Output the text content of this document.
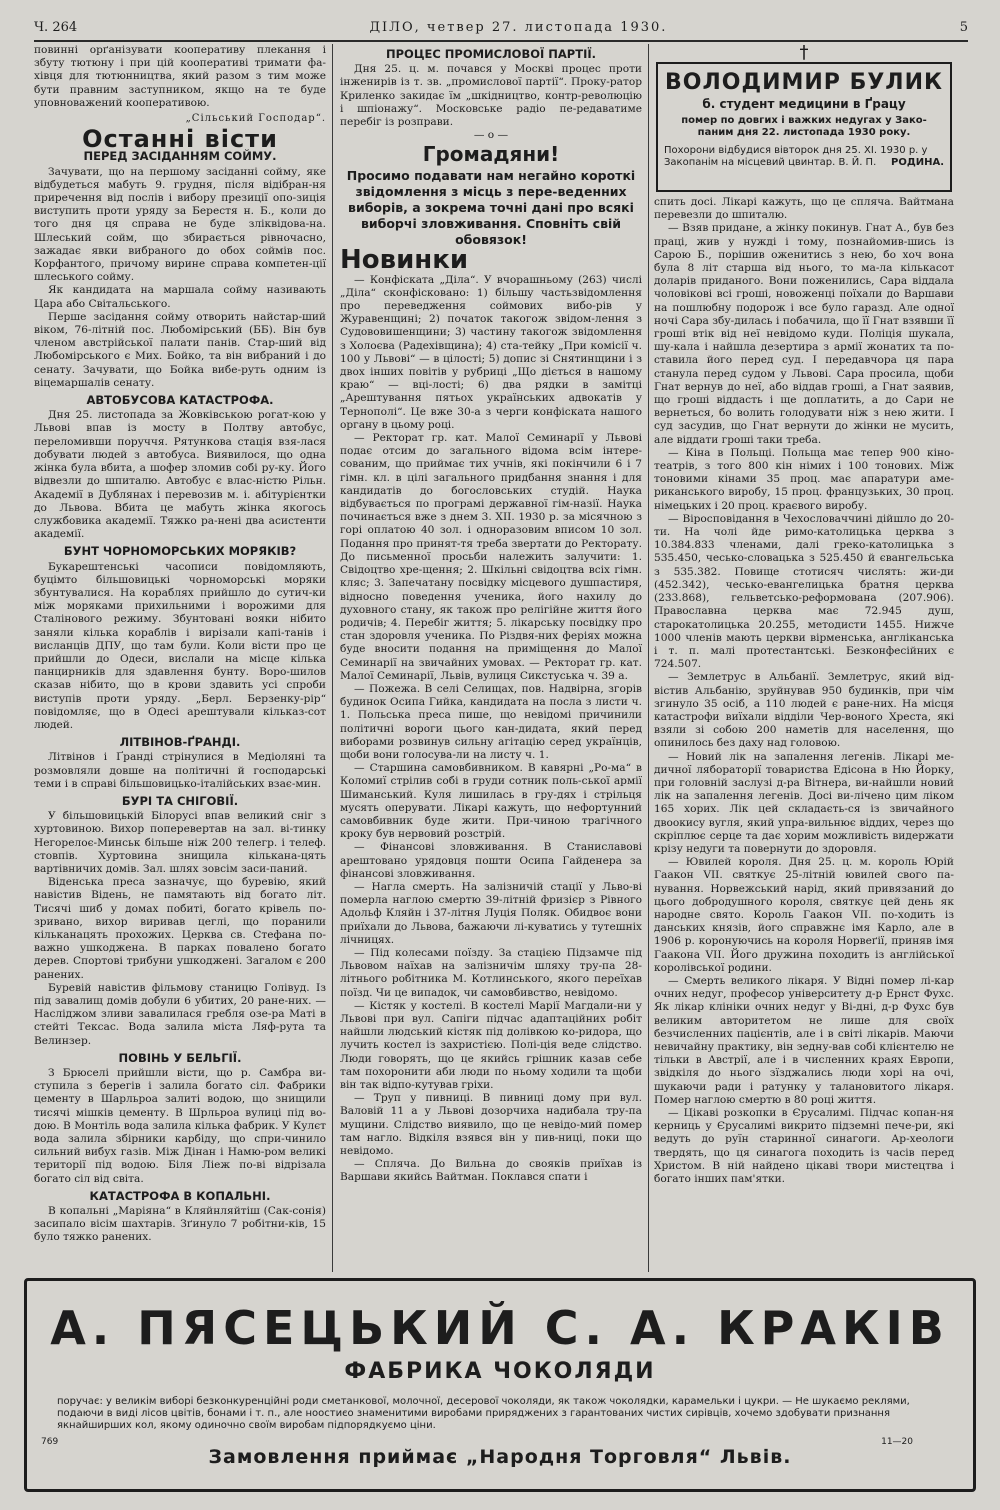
Ч. 264	ДІЛО, четвер 27. листопада 1930.	5

повинні орґанізувати кооперативу плекання і збуту тютюну і при цій кооперативі тримати фа-хівця для тютюнництва, який разом з тим може бути правним заступником, якщо на те буде уповноважений кооперативою.

„Сільський Господар“.
Останні вісти
ПЕРЕД ЗАСІДАННЯМ СОЙМУ.

Зачувати, що на першому засіданні сойму, яке відбудеться мабуть 9. грудня, після відібран-ня приречення від послів і вибору презиції опо-зиція виступить проти уряду за Берестя н. Б., коли до того дня ця справа не буде зліквідова-на. Шлеський сойм, що збирається рівночасно, зажадає явки вибраного до обох соймів пос. Корфантого, причому вирине справа компетен-ції шлеського сойму.

Як кандидата на маршала сойму називають Цара або Світальського.

Перше засідання сойму отворить найстар-ший віком, 76-літній пос. Любомірський (ББ). Він був членом австрійської палати панів. Стар-ший від Любомірського є Мих. Бойко, та він вибраний і до сенату. Зачувати, що Бойка вибе-руть одним із віцемаршалів сенату.

АВТОБУСОВА КАТАСТРОФА.

Дня 25. листопада за Жовківською рогат-кою у Львові впав із мосту в Полтву автобус, переломивши поруччя. Рятункова стація взя-лася добувати людей з автобуса. Виявилося, що одна жінка була вбита, а шофер зломив собі ру-ку. Його відвезли до шпиталю. Автобус є влас-ністю Рільн. Академії в Дублянах і перевозив м. і. абітурієнтки до Львова. Вбита це мабуть жінка якогось службовика академії. Тяжко ра-нені два асистенти академії.

БУНТ ЧОРНОМОРСЬКИХ МОРЯКІВ?

Букарештенські часописи повідомляють, буцімто більшовицькі чорноморські моряки збунтувалися. На кораблях прийшло до сутич-ки між моряками прихильними і ворожими для Сталінового режиму. Збунтовані вояки нібито заняли кілька кораблів і вирізали капі-танів і висланців ДПУ, що там були. Коли вісти про це прийшли до Одеси, вислали на місце кілька панцирників для здавлення бунту. Воро-шилов сказав нібито, що в крови здавить усі спроби виступів проти уряду. „Берл. Берзенку-рір“ повідомляє, що в Одесі арештували кільказ-сот людей.

ЛІТВІНОВ-ҐРАНДІ.

Літвінов і Ґранді стрінулися в Медіоляні та розмовляли довше на політичні й господарські теми і в справі більшовицько-італійських взає-мин.

БУРІ ТА СНІГОВІЇ.

У більшовицькій Білорусі впав великий сніг з хуртовиною. Вихор поперевертав на зал. ві-тинку Негорелоє-Минськ більше ніж 200 телегр. і телеф. стовпів. Хуртовина знищила кількана-цять вартівничих домів. Зал. шлях зовсім заси-паний.

Віденська преса зазначує, що буревію, який навістив Відень, не памятають від богато літ. Тисячі шиб у домах побиті, богато крівель по-зривано, вихор виривав цеглі, що поранили кільканацять прохожих. Церква св. Стефана по-важно ушкоджена. В парках повалено богато дерев. Спортові трибуни ушкоджені. Загалом є 200 ранених.

Буревій навістив фільмову станицю Голівуд. Із під завалищ домів добули 6 убитих, 20 ране-них. — Насліджом зливи завалилася гребля озе-ра Маті в стейті Тексас. Вода залила міста Ляф-рута та Велинзер.

ПОВІНЬ У БЕЛЬГІЇ.

З Брюселі прийшли вісти, що р. Самбра ви-ступила з берегів і залила богато сіл. Фабрики цементу в Шарльроа залиті водою, що знищили тисячі мішків цементу. В Шрльроа вулиці під во-дою. В Монтіль вода залила кілька фабрик. У Кулєт вода залила збірники карбіду, що спри-чинило сильний вибух газів. Між Дінан і Намю-ром великі території під водою. Біля Ліеж по-ві відрізала богато сіл від світа.

КАТАСТРОФА В КОПАЛЬНІ.

В копальні „Маріяна“ в Кляйнляйтіш (Сак-сонія) засипало вісім шахтарів. Зґинуло 7 робітни-ків, 15 було тяжко ранених.

ПРОЦЕС ПРОМИСЛОВОЇ ПАРТІЇ.

Дня 25. ц. м. почався у Москві процес проти інженирів із т. зв. „промислової партії“. Проку-ратор Криленко закидає їм „шкідництво, контр-революцію і шпіонажу“. Московське радіо пе-редаватиме перебіг із розправи.

— о —
Громадяни!
Просимо подавати нам негайно короткі звідомлення з місць з пере-веденних виборів, а зокрема точні дані про всякі виборчі зловживання. Сповніть свій обовязок!
Новинки

— Конфіската „Діла“. У вчорашньому (263) числі „Діла“ сконфісковано: 1) більшу частьзвідомлення про переведження соймових вибо-рів у Журавенщині; 2) початок такогож звідом-лення з Судововишенщини; 3) частину такогож звідомлення з Холоєва (Радехівщина); 4) ста-тейку „При комісії ч. 100 у Львові“ — в цілості; 5) допис зі Снятинщини і з двох інших повітів у рубриці „Що діється в нашому краю“ — вці-лості; 6) два рядки в замітці „Арештування пятьох українських адвокатів у Тернополі“. Це вже 30-а з черги конфіската нашого органу в цьому році.

— Ректорат гр. кат. Малої Семинарії у Львові подає отсим до загального відома всім інтере-сованим, що приймає тих учнів, які покінчили 6 і 7 гімн. кл. в цілі загального придбання знання і для кандидатів до богословських студій. Наука відбувається по програмі державної гім-назії. Наука починається вже з днем 3. XII. 1930 р. за місячною з горі оплатою 40 зол. і одноразовим вписом 10 зол. Подання про принят-тя треба звертати до Ректорату. До письменної просьби належить залучити: 1. Свідоцтво хре-щення; 2. Шкільні свідоцтва всіх гімн. кляс; 3. Запечатану посвідку місцевого душпастиря, відносно поведення ученика, його нахилу до духовного стану, як також про релігійне життя його родичів; 4. Перебіг життя; 5. лікарську посвідку про стан здоровля ученика. По Різдвя-них феріях можна буде вносити подання на приміщення до Малої Семинарії на звичайних умовах. — Ректорат гр. кат. Малої Семинарії, Львів, вулиця Сикстуська ч. 39 а.

— Пожежа. В селі Селищах, пов. Надвірна, згорів будинок Осипа Гийка, кандидата на посла з листи ч. 1. Польська преса пише, що невідомі причинили політичні вороги цього кан-дидата, який перед виборами розвинув сильну агітацію серед українців, щоби вони голосува-ли на листу ч. 1.

— Старшина самовбивником. В кавярні „Ро-ма“ в Коломиї стрілив собі в груди сотник поль-ської армії Шиманський. Куля лишилась в гру-дях і стрільця мусять оперувати. Лікарі кажуть, що нефортунний самовбивник буде жити. При-чиною трагічного кроку був нервовий розстрій.

— Фінансові зловживання. В Станиславові арештовано урядовця пошти Осипа Гайденера за фінансові зловживання.

— Нагла смерть. На залізничій стації у Льво-ві померла наглою смертю 39-літній фризієр з Рівного Адольф Кляйн і 37-літня Луція Поляк. Обидвоє вони приїхали до Львова, бажаючи лі-куватись у тутешніх лічницях.

— Під колесами поїзду. За стацією Підзамче під Львовом наїхав на залізничім шляху тру-па 28-літнього робітника М. Котлинського, якого переїхав поїзд. Чи це випадок, чи самовбивство, невідомо.

— Кістяк у костелі. В костелі Марії Магдали-ни у Львові при вул. Сапіги підчас адаптаційних робіт найшли людський кістяк під долівкою ко-ридора, що лучить костел із захристією. Полі-ція веде слідство. Люди говорять, що це якийсь грішник казав себе там похоронити аби люди по ньому ходили та щоби він так відпо-кутував гріхи.

— Труп у пивниці. В пивниці дому при вул. Валовій 11 а у Львові дозорчиха надибала тру-па мущини. Слідство виявило, що це невідо-мий помер там наглo. Відкіля взявся він у пив-ниці, поки що невідомо.

— Спляча. До Вильна до свояків приїхав із Варшави якийсь Вайтман. Поклався спати і

†
ВОЛОДИМИР БУЛИК
б. студент медицини в Ґрацу
помер по довгих і важких недугах у Зако-паним дня 22. листопада 1930 року.
Похорони відбудися вівторок дня 25. XI. 1930 р. у Закопанім на місцевий цвинтар. В. Й. П. РОДИНА.

спить досі. Лікарі кажуть, що це спляча. Вайтмана перевезли до шпиталю.

— Взяв придане, а жінку покинув. Гнат А., був без праці, жив у нужді і тому, познайомив-шись із Сарою Б., порішив оженитись з нею, бо хоч вона була 8 літ старша від нього, то ма-ла кількасот доларів приданого. Вони поженились, Сара віддала чоловікові всі гроші, новоженці поїхали до Варшави на пошлюбну подорож і все було гаразд. Але одної ночі Сара збу-дилась і побачила, що її Гнат взявши її гроші втік від неї невідомо куди. Поліція шукала, шу-кала і найшла дезертира з армії жонатих та по-ставила його перед суд. І передавчора ця пара станула перед судом у Львові. Сара просила, щоби Гнат вернув до неї, або віддав гроші, а Гнат заявив, що гроші віддасть і ще доплатить, а до Сари не вернеться, бо волить голодувати ніж з нею жити. І суд засудив, що Гнат вернути до жінки не мусить, але віддати гроші таки треба.

— Кіна в Польщі. Польща має тепер 900 кіно-театрів, з того 800 кін німих і 100 тонових. Між тоновими кінами 35 проц. має апаратури аме-риканського виробу, 15 проц. французьких, 30 проц. німецьких і 20 проц. краєвого виробу.

— Віросповідання в Чехословаччині дійшло до 20-ти. На чолі йде римо-католицька церква з 10.384.833 членами, далі греко-католицька з 535.450, чесько-словацька з 525.450 й євангельська з 535.382. Повище стотисяч числять: жи-ди (452.342), чесько-евангелицька братня церква (233.868), гельветсько-реформована (207.906). Православна церква має 72.945 душ, старокатолицька 20.255, методисти 1455. Нижче 1000 членів мають церкви вірменська, англіканська і т. п. малі протестантські. Безконфесійних є 724.507.

— Землетрус в Альбанії. Землетрус, який від-вістив Альбанію, зруйнував 950 будинків, при чім згинуло 35 осіб, а 110 людей є ране-них. На місця катастрофи виїхали відділи Чер-воного Хреста, які взяли зі собою 200 наметів для населення, що опинилось без даху над головою.

— Новий лік на запалення легенів. Лікарі ме-дичної лябораторії товариства Едісона в Ню Йорку, при головній заслузі д-ра Вітнера, ви-найшли новий лік на запалення легенів. Досі ви-лічено цим ліком 165 хорих. Лік цей складаєть-ся із звичайного двоокису вугля, який упра-вильнює віддих, через що скріплює серце та дає хорим можливість видержати крізу недуги та повернути до здоровля.

— Ювилей короля. Дня 25. ц. м. король Юрій Гаакон VII. святкує 25-літній ювилей свого па-нування. Норвежський нарід, який привязаний до цього добродушного короля, святкує цей день як народне свято. Король Гаакон VII. по-ходить із данських князів, його справжнє імя Карло, але в 1906 р. коронуючись на короля Норвеґії, приняв імя Гаакона VII. Його дружина походить із англійської королівської родини.

— Смерть великого лікаря. У Відні помер лі-кар очних недуг, професор університету д-р Ернст Фухс. Як лікар клініки очних недуг у Ві-дні, д-р Фухс був великим авторитетом не лише для своїх безчисленних пацієнтів, але і в світі лікарів. Маючи невичайну практику, він зедну-вав собі клієнтелю не тільки в Австрії, але і в численних краях Европи, звідкіля до нього зїзджались люди хорі на очі, шукаючи ради і ратунку у талановитого лікаря. Помер наглою смертю в 80 році життя.

— Цікаві розкопки в Єрусалимі. Підчас копан-ня керниць у Єрусалимі викрито підземні пече-ри, які ведуть до руїн старинної синагоги. Ар-хеологи твердять, що ця синагога походить із часів перед Христом. В ній найдено цікаві твори мистецтва і богато інших пам'ятки.

А. ПЯСЕЦЬКИЙ С. А. КРАКІВ
ФАБРИКА ЧОКОЛЯДИ
поручає: у великім виборі безконкуренційні роди сметанкової, молочної, десерової чоколяди, як також чоколядки, карамельки і цукри. — Не шукаємо реклями, подаючи в виді лісов цвітів, бонами і т. п., але ноостиєо знаменитими виробами приряджених з гарантованих чистих сирівців, хочемо здобувати признання якнайширших кол, якому одиночно своїм виробам підпорядкуємо ціни.
769	11—20
Замовлення приймає „Народня Торговля“ Львів.
